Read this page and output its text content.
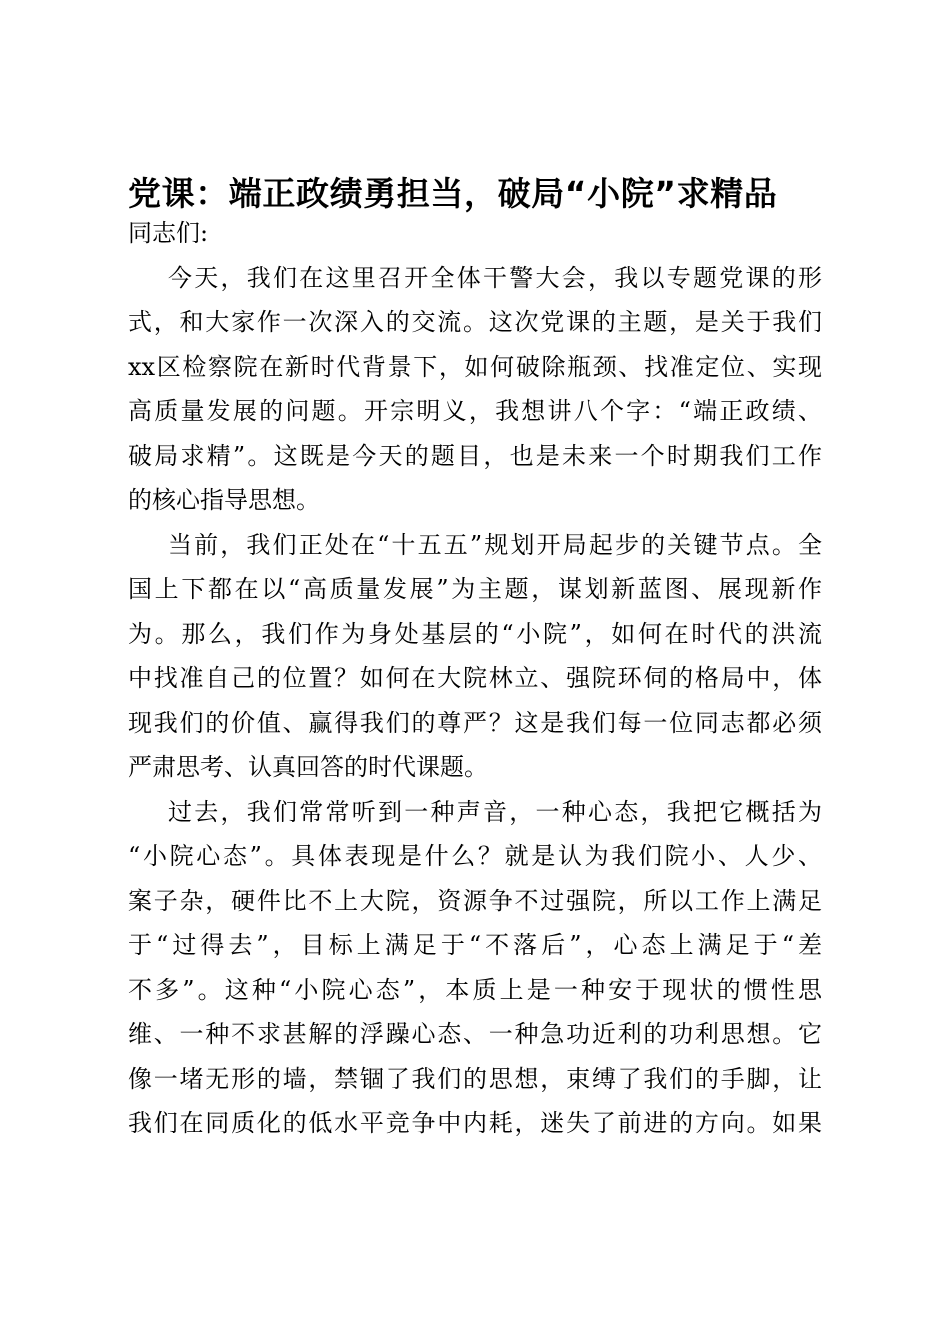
党课：端正政绩勇担当，破局“小院”求精品

同志们:

今天，我们在这里召开全体干警大会，我以专题党课的形
式，和大家作一次深入的交流。这次党课的主题，是关于我们
xx区检察院在新时代背景下，如何破除瓶颈、找准定位、实现
高质量发展的问题。开宗明义，我想讲八个字：“端正政绩、
破局求精”。这既是今天的题目，也是未来一个时期我们工作
的核心指导思想。

当前，我们正处在“十五五”规划开局起步的关键节点。全
国上下都在以“高质量发展”为主题，谋划新蓝图、展现新作
为。那么，我们作为身处基层的“小院”，如何在时代的洪流
中找准自己的位置？如何在大院林立、强院环伺的格局中，体
现我们的价值、赢得我们的尊严？这是我们每一位同志都必须
严肃思考、认真回答的时代课题。

过去，我们常常听到一种声音，一种心态，我把它概括为
“小院心态”。具体表现是什么？就是认为我们院小、人少、
案子杂，硬件比不上大院，资源争不过强院，所以工作上满足
于“过得去”，目标上满足于“不落后”，心态上满足于“差
不多”。这种“小院心态”，本质上是一种安于现状的惯性思
维、一种不求甚解的浮躁心态、一种急功近利的功利思想。它
像一堵无形的墙，禁锢了我们的思想，束缚了我们的手脚，让
我们在同质化的低水平竞争中内耗，迷失了前进的方向。如果
